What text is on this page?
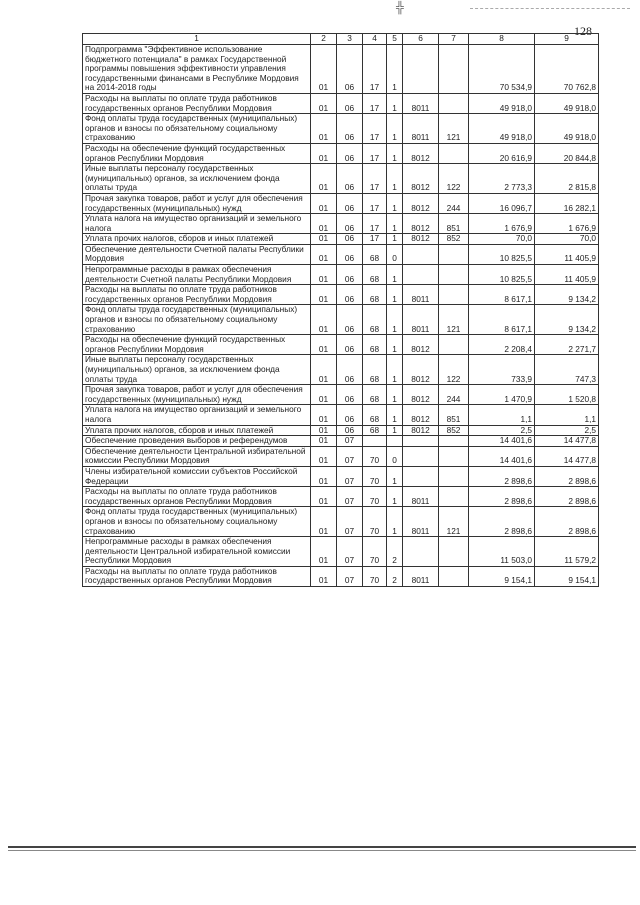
128
╬
1	2	3	4	5	6	7	8	9
Подпрограмма "Эффективное использование бюджетного потенциала" в рамках Государственной программы повышения эффективности управления государственными финансами в Республике Мордовия на 2014-2018 годы	01	06	17	1			70 534,9	70 762,8
Расходы на выплаты по оплате труда работников государственных органов Республики Мордовия	01	06	17	1	8011		49 918,0	49 918,0
Фонд оплаты труда государственных (муниципальных) органов и взносы по обязательному социальному страхованию	01	06	17	1	8011	121	49 918,0	49 918,0
Расходы на обеспечение функций государственных органов Республики Мордовия	01	06	17	1	8012		20 616,9	20 844,8
Иные выплаты персоналу государственных (муниципальных) органов, за исключением фонда оплаты труда	01	06	17	1	8012	122	2 773,3	2 815,8
Прочая закупка товаров, работ и услуг для обеспечения государственных (муниципальных) нужд	01	06	17	1	8012	244	16 096,7	16 282,1
Уплата налога на имущество организаций и земельного налога	01	06	17	1	8012	851	1 676,9	1 676,9
Уплата прочих налогов, сборов и иных платежей	01	06	17	1	8012	852	70,0	70,0
Обеспечение деятельности Счетной палаты Республики Мордовия	01	06	68	0			10 825,5	11 405,9
Непрограммные расходы в рамках обеспечения деятельности Счетной палаты Республики Мордовия	01	06	68	1			10 825,5	11 405,9
Расходы на выплаты по оплате труда работников государственных органов Республики Мордовия	01	06	68	1	8011		8 617,1	9 134,2
Фонд оплаты труда государственных (муниципальных) органов и взносы по обязательному социальному страхованию	01	06	68	1	8011	121	8 617,1	9 134,2
Расходы на обеспечение функций государственных органов Республики Мордовия	01	06	68	1	8012		2 208,4	2 271,7
Иные выплаты персоналу государственных (муниципальных) органов, за исключением фонда оплаты труда	01	06	68	1	8012	122	733,9	747,3
Прочая закупка товаров, работ и услуг для обеспечения государственных (муниципальных) нужд	01	06	68	1	8012	244	1 470,9	1 520,8
Уплата налога на имущество организаций и земельного налога	01	06	68	1	8012	851	1,1	1,1
Уплата прочих налогов, сборов и иных платежей	01	06	68	1	8012	852	2,5	2,5
Обеспечение проведения выборов и референдумов	01	07					14 401,6	14 477,8
Обеспечение деятельности Центральной избирательной комиссии Республики Мордовия	01	07	70	0			14 401,6	14 477,8
Члены избирательной комиссии субъектов Российской Федерации	01	07	70	1			2 898,6	2 898,6
Расходы на выплаты по оплате труда работников государственных органов Республики Мордовия	01	07	70	1	8011		2 898,6	2 898,6
Фонд оплаты труда государственных (муниципальных) органов и взносы по обязательному социальному страхованию	01	07	70	1	8011	121	2 898,6	2 898,6
Непрограммные расходы в рамках обеспечения деятельности Центральной избирательной комиссии Республики Мордовия	01	07	70	2			11 503,0	11 579,2
Расходы на выплаты по оплате труда работников государственных органов Республики Мордовия	01	07	70	2	8011		9 154,1	9 154,1
